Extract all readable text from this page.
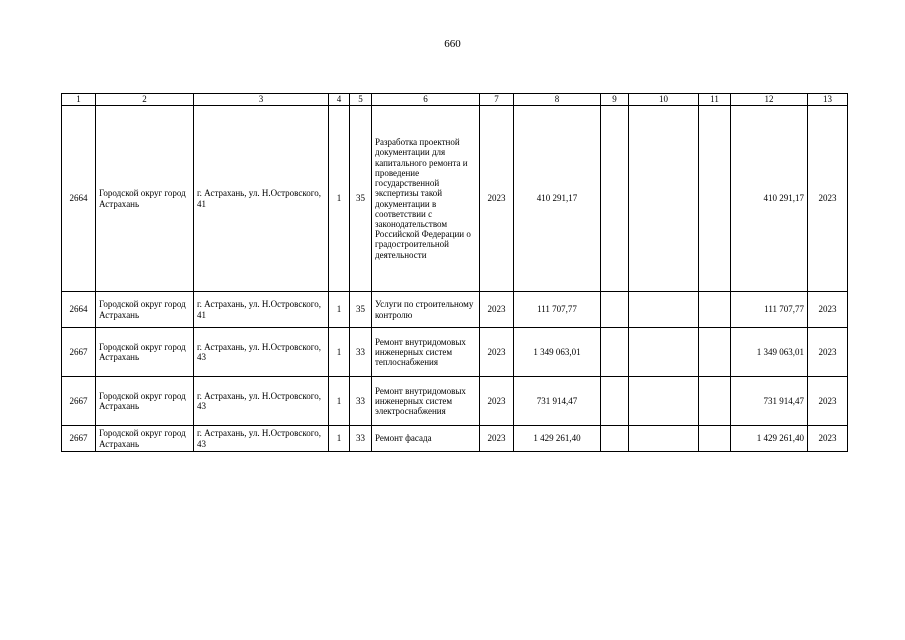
660
1	2	3	4	5	6	7	8	9	10	11	12	13
2664	Городской округ город Астрахань	г. Астрахань, ул. Н.Островского, 41	1	35	Разработка проектной документации для капитального ремонта и проведение государственной экспертизы такой документации в соответствии с законодательством Российской Федерации о градостроительной деятельности	2023	410 291,17				410 291,17	2023
2664	Городской округ город Астрахань	г. Астрахань, ул. Н.Островского, 41	1	35	Услуги по строительному контролю	2023	111 707,77				111 707,77	2023
2667	Городской округ город Астрахань	г. Астрахань, ул. Н.Островского, 43	1	33	Ремонт внутридомовых инженерных систем теплоснабжения	2023	1 349 063,01				1 349 063,01	2023
2667	Городской округ город Астрахань	г. Астрахань, ул. Н.Островского, 43	1	33	Ремонт внутридомовых инженерных систем электроснабжения	2023	731 914,47				731 914,47	2023
2667	Городской округ город Астрахань	г. Астрахань, ул. Н.Островского, 43	1	33	Ремонт фасада	2023	1 429 261,40				1 429 261,40	2023
